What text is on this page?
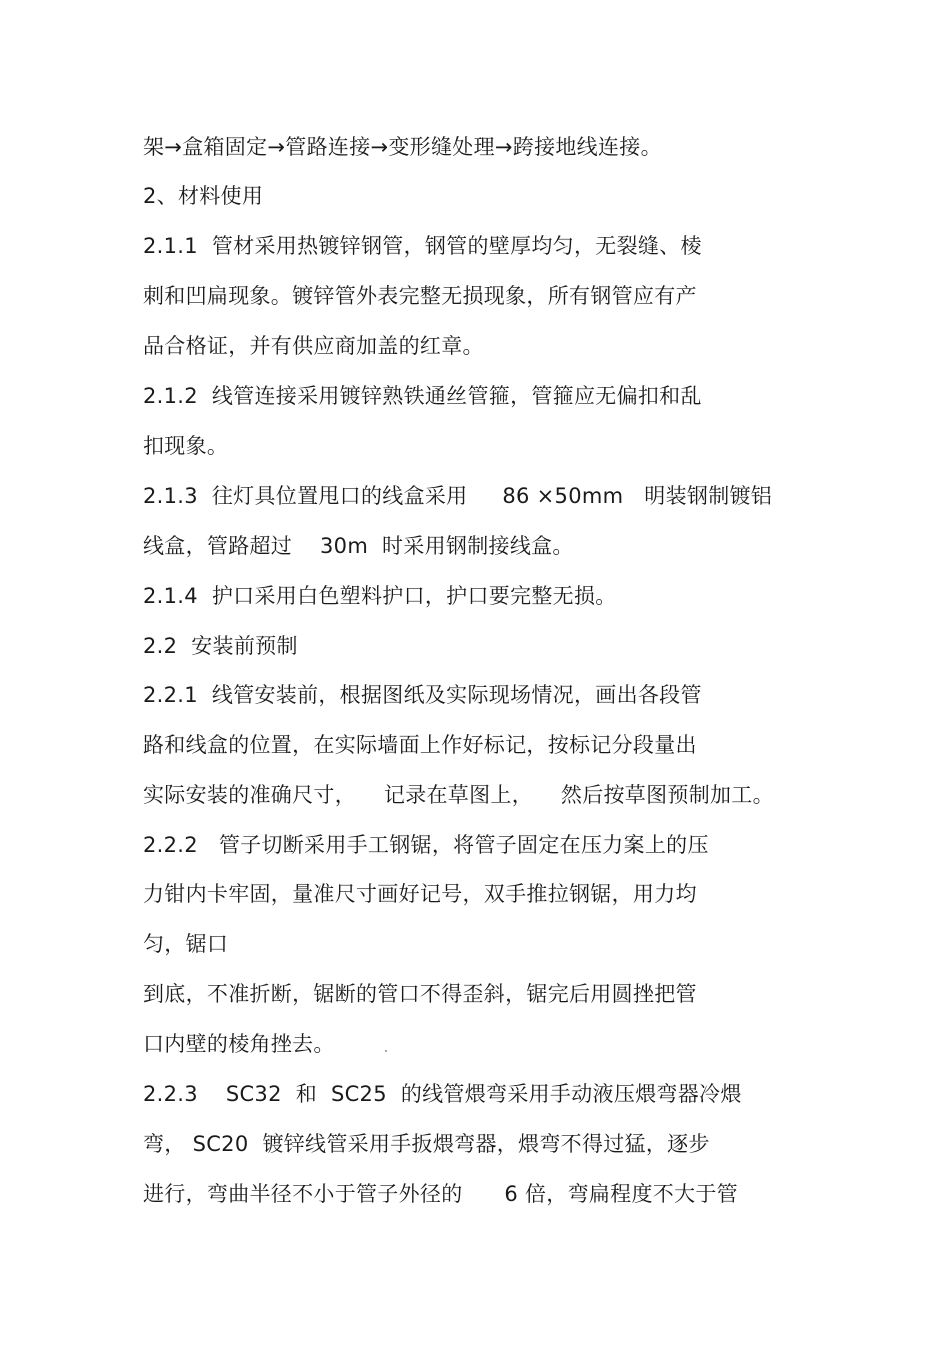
架→盒箱固定→管路连接→变形缝处理→跨接地线连接。
2、材料使用
2.1.1  管材采用热镀锌钢管，钢管的壁厚均匀，无裂缝、棱
刺和凹扁现象。镀锌管外表完整无损现象，所有钢管应有产
品合格证，并有供应商加盖的红章。
2.1.2  线管连接采用镀锌熟铁通丝管箍，管箍应无偏扣和乱
扣现象。
2.1.3  往灯具位置甩口的线盒采用     86 ×50mm   明装钢制镀铝
线盒，管路超过    30m  时采用钢制接线盒。
2.1.4  护口采用白色塑料护口，护口要完整无损。
2.2  安装前预制
2.2.1  线管安装前，根据图纸及实际现场情况，画出各段管
路和线盒的位置，在实际墙面上作好标记，按标记分段量出
实际安装的准确尺寸，    记录在草图上，    然后按草图预制加工。
2.2.2   管子切断采用手工钢锯，将管子固定在压力案上的压
力钳内卡牢固，量准尺寸画好记号，双手推拉钢锯，用力均
匀，锯口
到底，不准折断，锯断的管口不得歪斜，锯完后用圆挫把管
口内壁的棱角挫去。
2.2.3    SC32  和  SC25  的线管煨弯采用手动液压煨弯器冷煨
弯， SC20  镀锌线管采用手扳煨弯器，煨弯不得过猛，逐步
进行，弯曲半径不小于管子外径的      6 倍，弯扁程度不大于管
